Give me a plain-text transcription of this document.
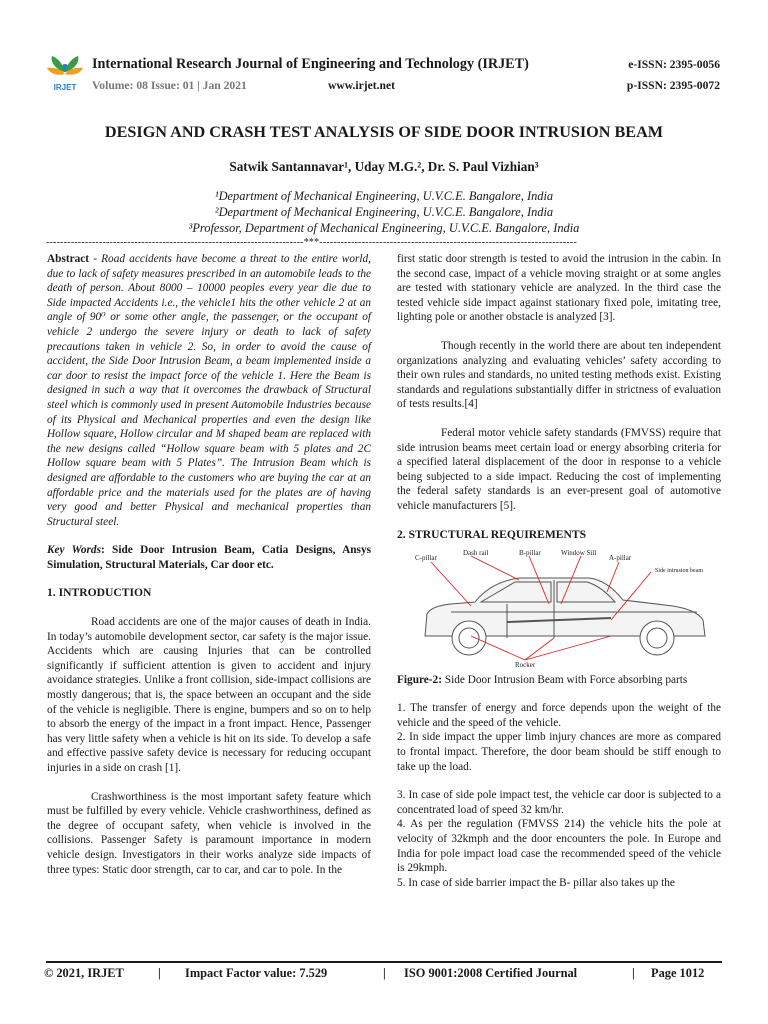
IRJET
International Research Journal of Engineering and Technology (IRJET)
Volume: 08 Issue: 01 | Jan 2021	www.irjet.net
e-ISSN: 2395-0056
p-ISSN: 2395-0072
DESIGN AND CRASH TEST ANALYSIS OF SIDE DOOR INTRUSION BEAM
Satwik Santannavar¹, Uday M.G.², Dr. S. Paul Vizhian³
¹Department of Mechanical Engineering, U.V.C.E. Bangalore, India
²Department of Mechanical Engineering, U.V.C.E. Bangalore, India
³Professor, Department of Mechanical Engineering, U.V.C.E. Bangalore, India
-------------------------------------------------------------------------***-------------------------------------------------------------------------

Abstract - Road accidents have become a threat to the entire world, due to lack of safety measures prescribed in an automobile leads to the death of person. About 8000 – 10000 peoples every year die due to Side impacted Accidents i.e., the vehicle1 hits the other vehicle 2 at an angle of 90⁰ or some other angle, the passenger, or the occupant of vehicle 2 undergo the severe injury or death to lack of safety precautions taken in vehicle 2. So, in order to avoid the cause of accident, the Side Door Intrusion Beam, a beam implemented inside a car door to resist the impact force of the vehicle 1. Here the Beam is designed in such a way that it overcomes the drawback of Structural steel which is commonly used in present Automobile Industries because of its Physical and Mechanical properties and even the design like Hollow square, Hollow circular and M shaped beam are replaced with the new designs called “Hollow square beam with 5 plates and 2C Hollow square beam with 5 Plates”. The Intrusion Beam which is designed are affordable to the customers who are buying the car at an affordable price and the materials used for the plates are of having very good and better Physical and mechanical properties than Structural steel.

Key Words: Side Door Intrusion Beam, Catia Designs, Ansys Simulation, Structural Materials, Car door etc.

1. INTRODUCTION

Road accidents are one of the major causes of death in India. In today’s automobile development sector, car safety is the major issue. Accidents which are causing Injuries that can be controlled significantly if sufficient attention is given to accident and injury avoidance strategies. Unlike a front collision, side-impact collisions are mostly dangerous; that is, the space between an occupant and the side of the vehicle is negligible. There is engine, bumpers and so on to help to absorb the energy of the impact in a front impact. Hence, Passenger has very little safety when a vehicle is hit on its side. To develop a safe and effective passive safety device is necessary for reducing occupant injuries in a side on crash [1].

Crashworthiness is the most important safety feature which must be fulfilled by every vehicle. Vehicle crashworthiness, defined as the degree of occupant safety, when vehicle is involved in the collisions. Passenger Safety is paramount importance in modern vehicle design. Investigators in their works analyze side impacts of three types: Static door strength, car to car, and car to pole. In the

first static door strength is tested to avoid the intrusion in the cabin. In the second case, impact of a vehicle moving straight or at some angles are tested with stationary vehicle are analyzed. In the third case the tested vehicle side impact against stationary fixed pole, imitating tree, lighting pole or another obstacle is analyzed [3].

Though recently in the world there are about ten independent organizations analyzing and evaluating vehicles’ safety according to their own rules and standards, no united testing methods exist. Existing standards and regulations substantially differ in strictness of evaluation of tests results.[4]

Federal motor vehicle safety standards (FMVSS) require that side intrusion beams meet certain load or energy absorbing criteria for a specified lateral displacement of the door in response to a vehicle being subjected to a side impact. Reducing the cost of implementing the federal safety standards is an ever-present goal of automotive vehicle manufacturers [5].

2. STRUCTURAL REQUIREMENTS

C-pillar
Dash rail	B-pillar	Window Sill
A-pillar
Side intrusion beam
Rocker

Figure-2: Side Door Intrusion Beam with Force absorbing parts

1. The transfer of energy and force depends upon the weight of the vehicle and the speed of the vehicle.

2. In side impact the upper limb injury chances are more as compared to frontal impact. Therefore, the door beam should be stiff enough to take up the load.

3. In case of side pole impact test, the vehicle car door is subjected to a concentrated load of speed 32 km/hr.

4. As per the regulation (FMVSS 214) the vehicle hits the pole at velocity of 32kmph and the door encounters the pole. In Europe and India for pole impact load case the recommended speed of the vehicle is 29kmph.

5. In case of side barrier impact the B- pillar also takes up the

© 2021, IRJET	| Impact Factor value: 7.529	| ISO 9001:2008 Certified Journal	| Page 1012
